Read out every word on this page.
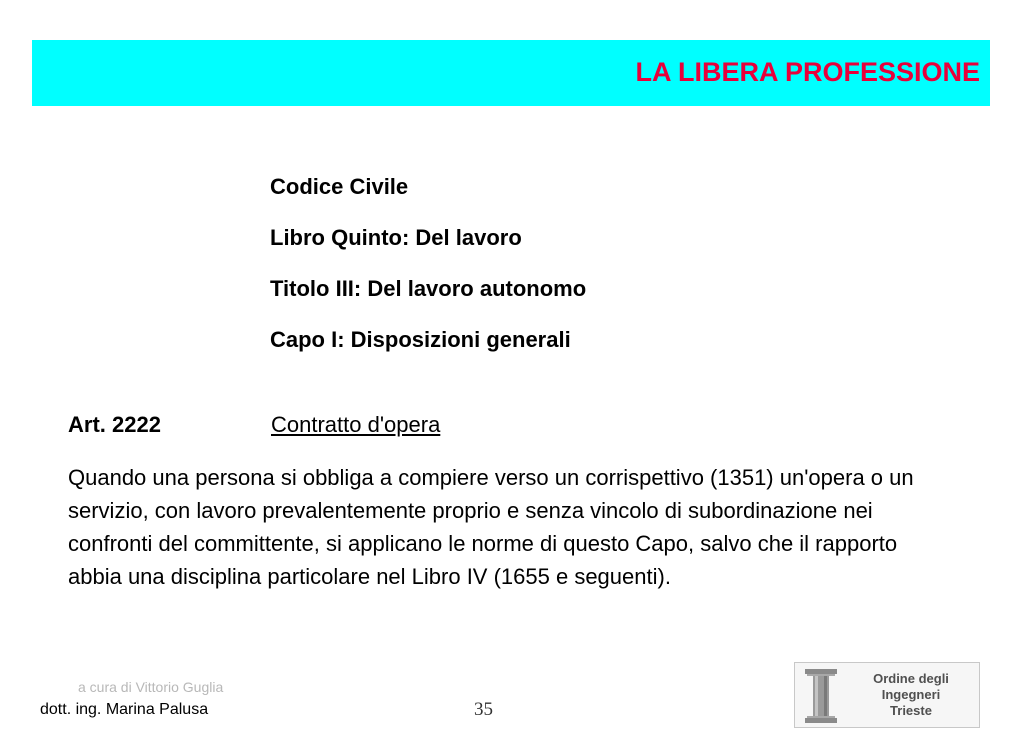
LA LIBERA PROFESSIONE
Codice Civile
Libro Quinto: Del lavoro
Titolo III: Del lavoro autonomo
Capo I: Disposizioni generali
Art. 2222	Contratto d'opera
Quando una persona si obbliga a compiere verso un corrispettivo (1351) un'opera o un servizio, con lavoro prevalentemente proprio e senza vincolo di subordinazione nei confronti del committente, si applicano le norme di questo Capo, salvo che il rapporto abbia una disciplina particolare nel Libro IV (1655 e seguenti).
a cura di Vittorio Guglia
dott. ing. Marina Palusa	35
Ordine degli
Ingegneri
Trieste
